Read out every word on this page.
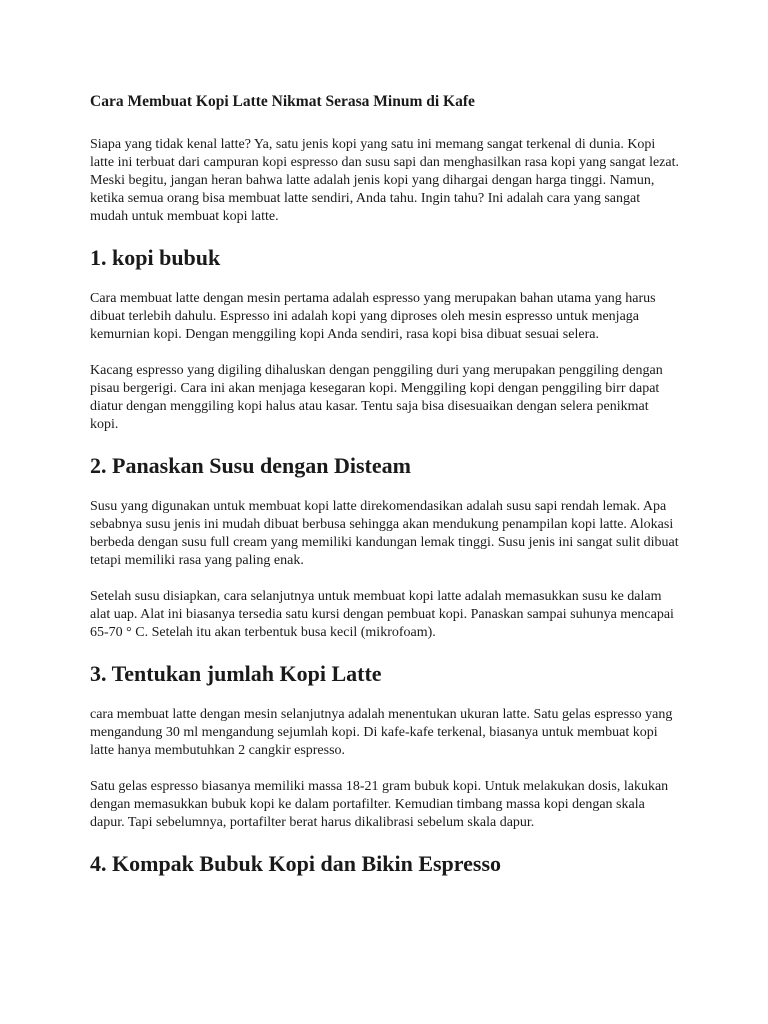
Cara Membuat Kopi Latte Nikmat Serasa Minum di Kafe

Siapa yang tidak kenal latte? Ya, satu jenis kopi yang satu ini memang sangat terkenal di dunia. Kopi latte ini terbuat dari campuran kopi espresso dan susu sapi dan menghasilkan rasa kopi yang sangat lezat. Meski begitu, jangan heran bahwa latte adalah jenis kopi yang dihargai dengan harga tinggi. Namun, ketika semua orang bisa membuat latte sendiri, Anda tahu. Ingin tahu? Ini adalah cara yang sangat mudah untuk membuat kopi latte.

1. kopi bubuk

Cara membuat latte dengan mesin pertama adalah espresso yang merupakan bahan utama yang harus dibuat terlebih dahulu. Espresso ini adalah kopi yang diproses oleh mesin espresso untuk menjaga kemurnian kopi. Dengan menggiling kopi Anda sendiri, rasa kopi bisa dibuat sesuai selera.

Kacang espresso yang digiling dihaluskan dengan penggiling duri yang merupakan penggiling dengan pisau bergerigi. Cara ini akan menjaga kesegaran kopi. Menggiling kopi dengan penggiling birr dapat diatur dengan menggiling kopi halus atau kasar. Tentu saja bisa disesuaikan dengan selera penikmat kopi.

2. Panaskan Susu dengan Disteam

Susu yang digunakan untuk membuat kopi latte direkomendasikan adalah susu sapi rendah lemak. Apa sebabnya susu jenis ini mudah dibuat berbusa sehingga akan mendukung penampilan kopi latte. Alokasi berbeda dengan susu full cream yang memiliki kandungan lemak tinggi. Susu jenis ini sangat sulit dibuat tetapi memiliki rasa yang paling enak.

Setelah susu disiapkan, cara selanjutnya untuk membuat kopi latte adalah memasukkan susu ke dalam alat uap. Alat ini biasanya tersedia satu kursi dengan pembuat kopi. Panaskan sampai suhunya mencapai 65-70 ° C. Setelah itu akan terbentuk busa kecil (mikrofoam).

3. Tentukan jumlah Kopi Latte

cara membuat latte dengan mesin selanjutnya adalah menentukan ukuran latte. Satu gelas espresso yang mengandung 30 ml mengandung sejumlah kopi. Di kafe-kafe terkenal, biasanya untuk membuat kopi latte hanya membutuhkan 2 cangkir espresso.

Satu gelas espresso biasanya memiliki massa 18-21 gram bubuk kopi. Untuk melakukan dosis, lakukan dengan memasukkan bubuk kopi ke dalam portafilter. Kemudian timbang massa kopi dengan skala dapur. Tapi sebelumnya, portafilter berat harus dikalibrasi sebelum skala dapur.

4. Kompak Bubuk Kopi dan Bikin Espresso
